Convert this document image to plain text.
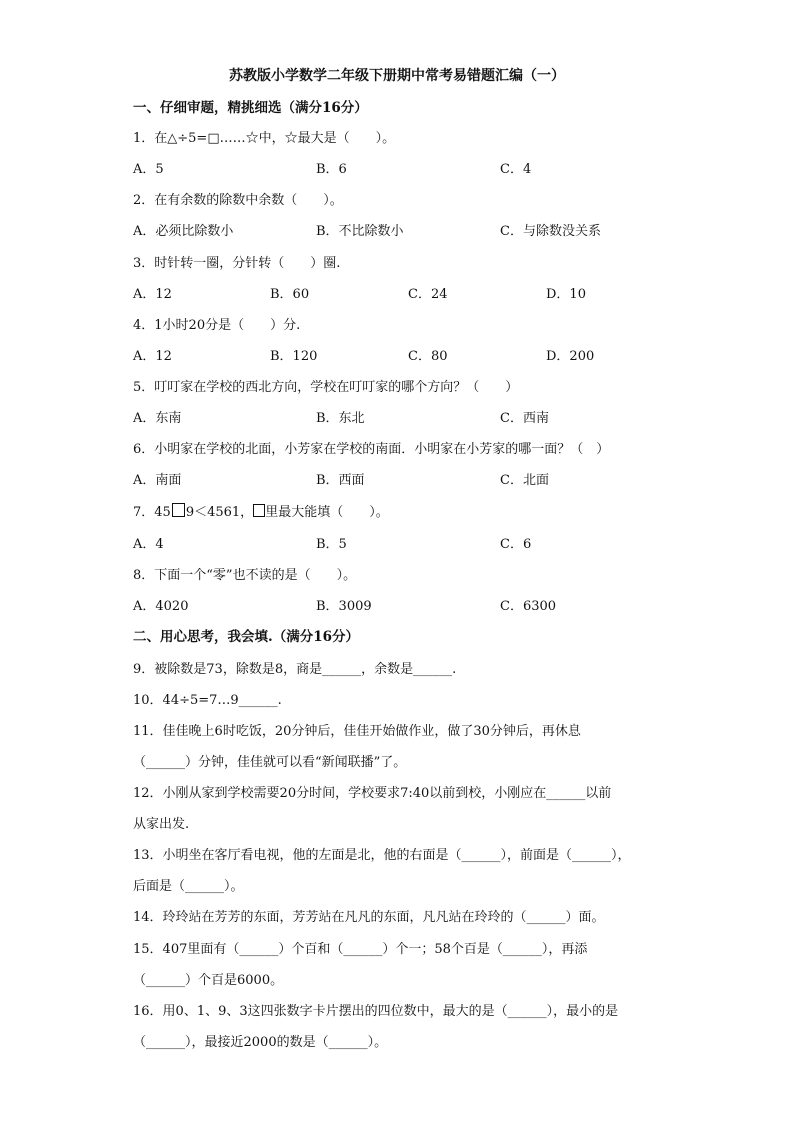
苏教版小学数学二年级下册期中常考易错题汇编（一）
一、仔细审题，精挑细选（满分16分）
1．在△÷5=□……☆中，☆最大是（　　）。
A．5	B．6	C．4
2．在有余数的除数中余数（　　）。
A．必须比除数小	B．不比除数小	C．与除数没关系
3．时针转一圈，分针转（　　）圈.
A．12	B．60	C．24	D．10
4．1小时20分是（　　）分.
A．12	B．120	C．80	D．200
5．叮叮家在学校的西北方向，学校在叮叮家的哪个方向？（　　）
A．东南	B．东北	C．西南
6．小明家在学校的北面，小芳家在学校的南面．小明家在小芳家的哪一面？（　）
A．南面	B．西面	C．北面
7．45 9＜4561， 里最大能填（　　）。
A．4	B．5	C．6
8．下面一个“零”也不读的是（　　）。
A．4020	B．3009	C．6300
二、用心思考，我会填.（满分16分）
9．被除数是73，除数是8，商是______，余数是______.
10．44÷5=7…9______.
11．佳佳晚上6时吃饭，20分钟后，佳佳开始做作业，做了30分钟后，再休息
（______）分钟，佳佳就可以看“新闻联播”了。
12．小刚从家到学校需要20分时间，学校要求7:40以前到校，小刚应在______以前
从家出发.
13．小明坐在客厅看电视，他的左面是北，他的右面是（______），前面是（______），
后面是（______）。
14．玲玲站在芳芳的东面，芳芳站在凡凡的东面，凡凡站在玲玲的（______）面。
15．407里面有（______）个百和（______）个一；58个百是（______），再添
（______）个百是6000。
16．用0、1、9、3这四张数字卡片摆出的四位数中，最大的是（______），最小的是
（______），最接近2000的数是（______）。
